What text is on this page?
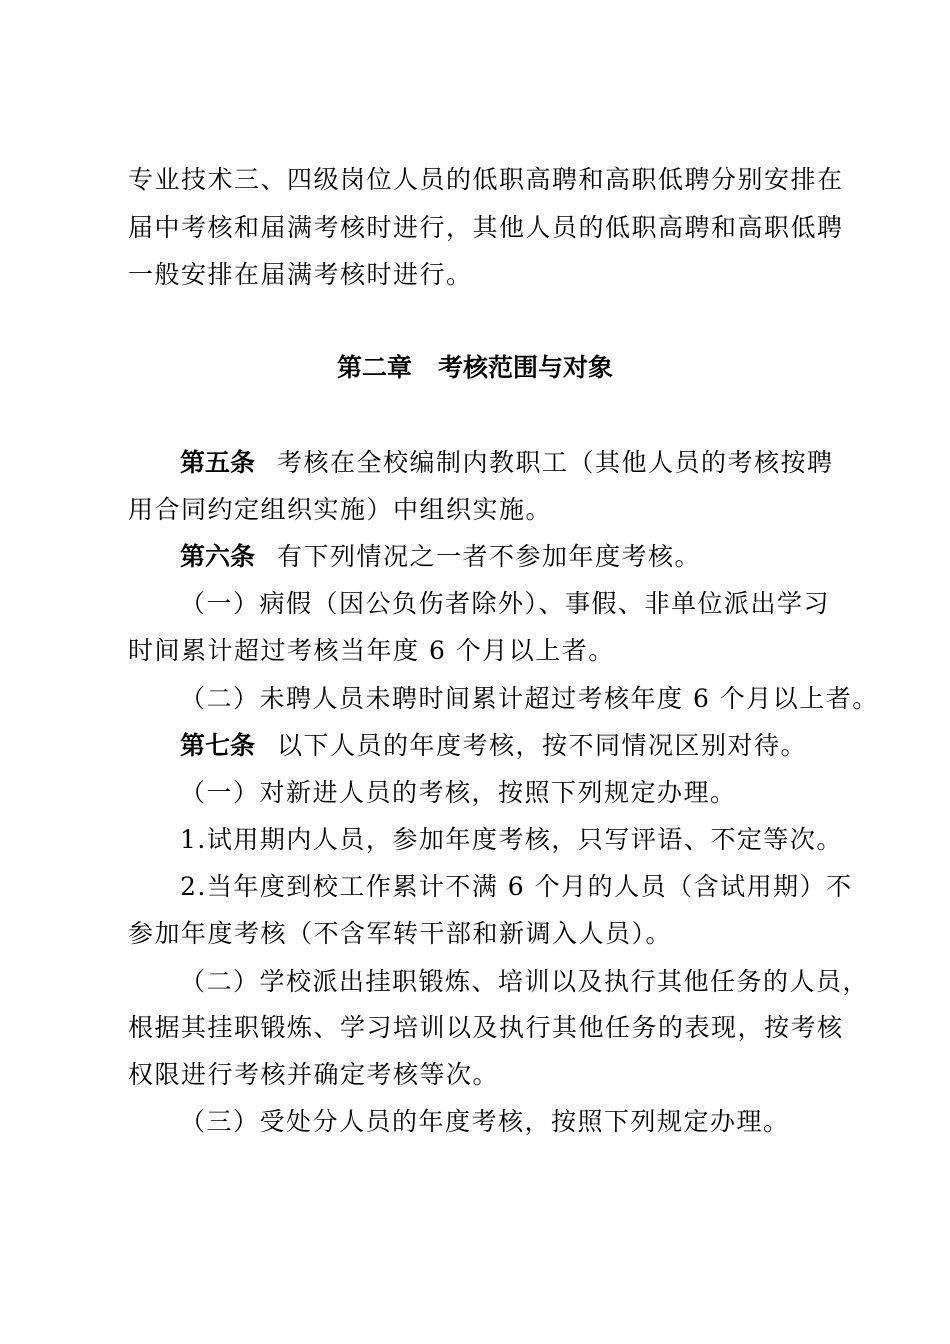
专业技术三、四级岗位人员的低职高聘和高职低聘分别安排在
届中考核和届满考核时进行，其他人员的低职高聘和高职低聘
一般安排在届满考核时进行。
第二章 考核范围与对象
第五条 考核在全校编制内教职工（其他人员的考核按聘
用合同约定组织实施）中组织实施。
第六条 有下列情况之一者不参加年度考核。
（一）病假（因公负伤者除外）、事假、非单位派出学习
时间累计超过考核当年度 6 个月以上者。
（二）未聘人员未聘时间累计超过考核年度 6 个月以上者。
第七条 以下人员的年度考核，按不同情况区别对待。
（一）对新进人员的考核，按照下列规定办理。
1.试用期内人员，参加年度考核，只写评语、不定等次。
2.当年度到校工作累计不满 6 个月的人员（含试用期）不
参加年度考核（不含军转干部和新调入人员）。
（二）学校派出挂职锻炼、培训以及执行其他任务的人员，
根据其挂职锻炼、学习培训以及执行其他任务的表现，按考核
权限进行考核并确定考核等次。
（三）受处分人员的年度考核，按照下列规定办理。
